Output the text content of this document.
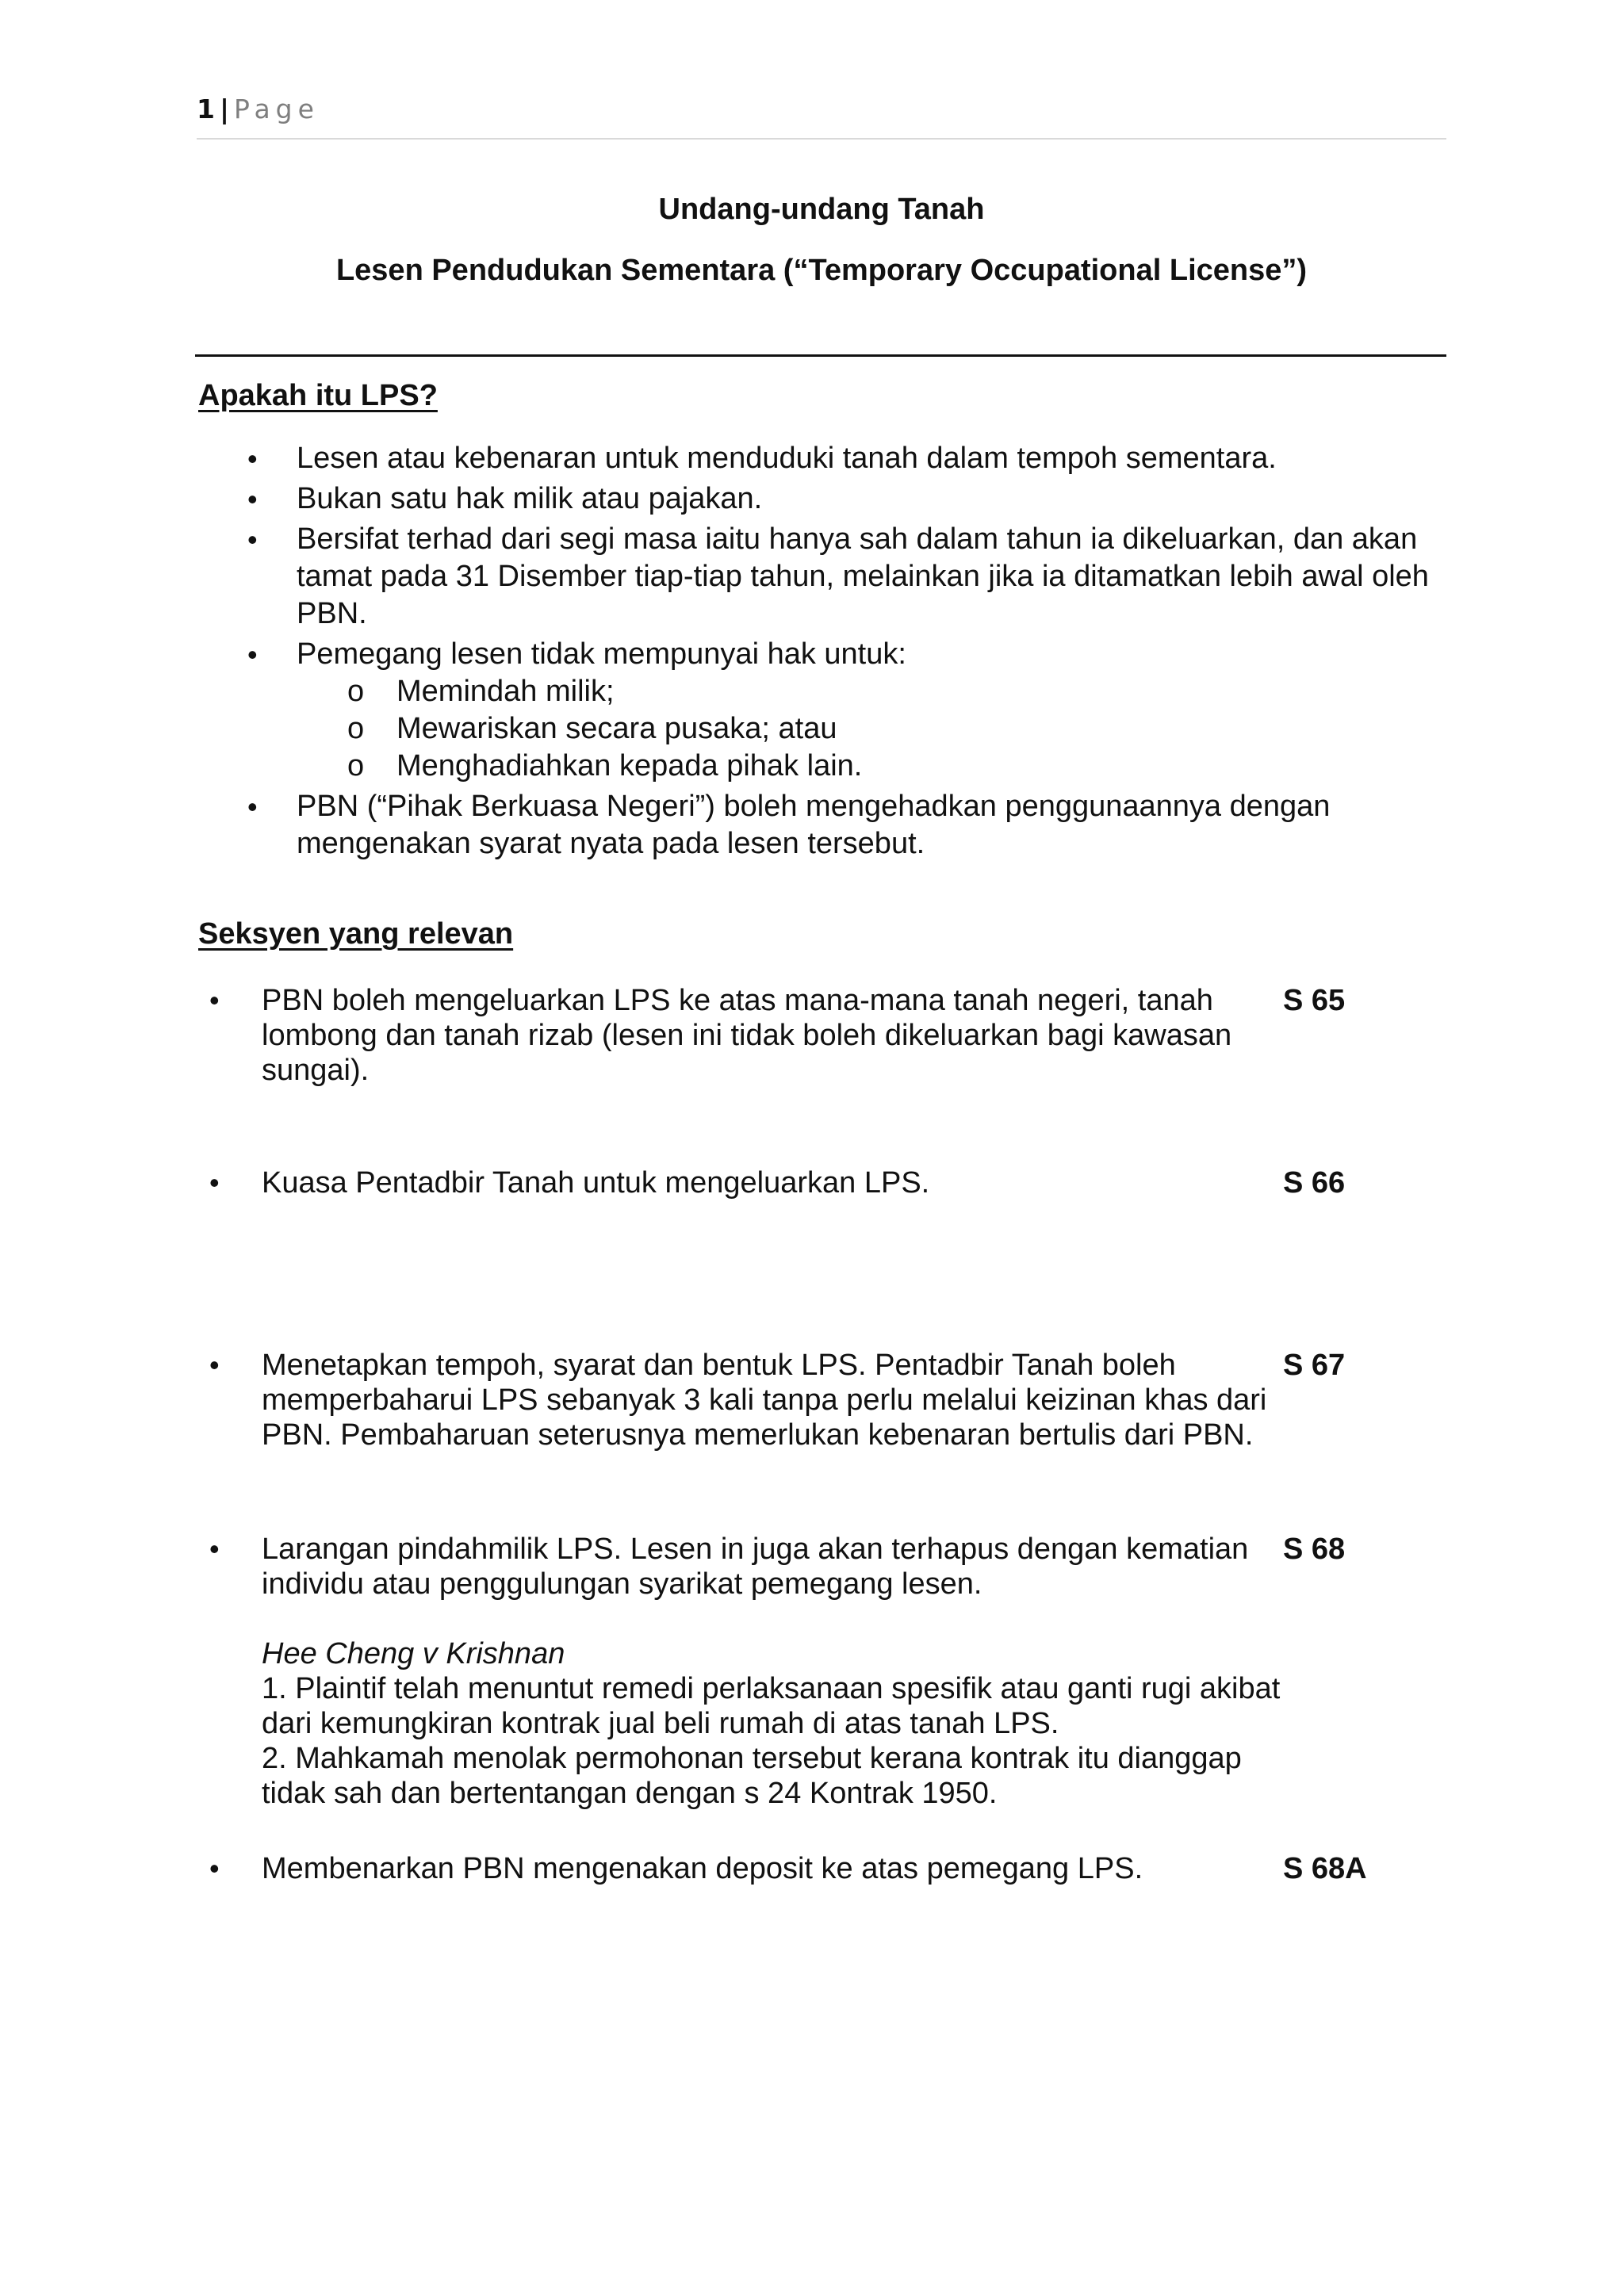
1 | Page
Undang-undang Tanah
Lesen Pendudukan Sementara (“Temporary Occupational License”)
Apakah itu LPS?
• Lesen atau kebenaran untuk menduduki tanah dalam tempoh sementara.
• Bukan satu hak milik atau pajakan.
• Bersifat terhad dari segi masa iaitu hanya sah dalam tahun ia dikeluarkan, dan akan tamat pada 31 Disember tiap-tiap tahun, melainkan jika ia ditamatkan lebih awal oleh PBN.
• Pemegang lesen tidak mempunyai hak untuk:
o Memindah milik;
o Mewariskan secara pusaka; atau
o Menghadiahkan kepada pihak lain.
• PBN (“Pihak Berkuasa Negeri”) boleh mengehadkan penggunaannya dengan mengenakan syarat nyata pada lesen tersebut.
Seksyen yang relevan
• PBN boleh mengeluarkan LPS ke atas mana-mana tanah negeri, tanah lombong dan tanah rizab (lesen ini tidak boleh dikeluarkan bagi kawasan sungai).
S 65
• Kuasa Pentadbir Tanah untuk mengeluarkan LPS.	S 66
• Menetapkan tempoh, syarat dan bentuk LPS. Pentadbir Tanah boleh memperbaharui LPS sebanyak 3 kali tanpa perlu melalui keizinan khas dari PBN. Pembaharuan seterusnya memerlukan kebenaran bertulis dari PBN.
S 67
• Larangan pindahmilik LPS. Lesen in juga akan terhapus dengan kematian individu atau penggulungan syarikat pemegang lesen.
Hee Cheng v Krishnan
1. Plaintif telah menuntut remedi perlaksanaan spesifik atau ganti rugi akibat dari kemungkiran kontrak jual beli rumah di atas tanah LPS.
2. Mahkamah menolak permohonan tersebut kerana kontrak itu dianggap tidak sah dan bertentangan dengan s 24 Kontrak 1950.
S 68
• Membenarkan PBN mengenakan deposit ke atas pemegang LPS.	S 68A
